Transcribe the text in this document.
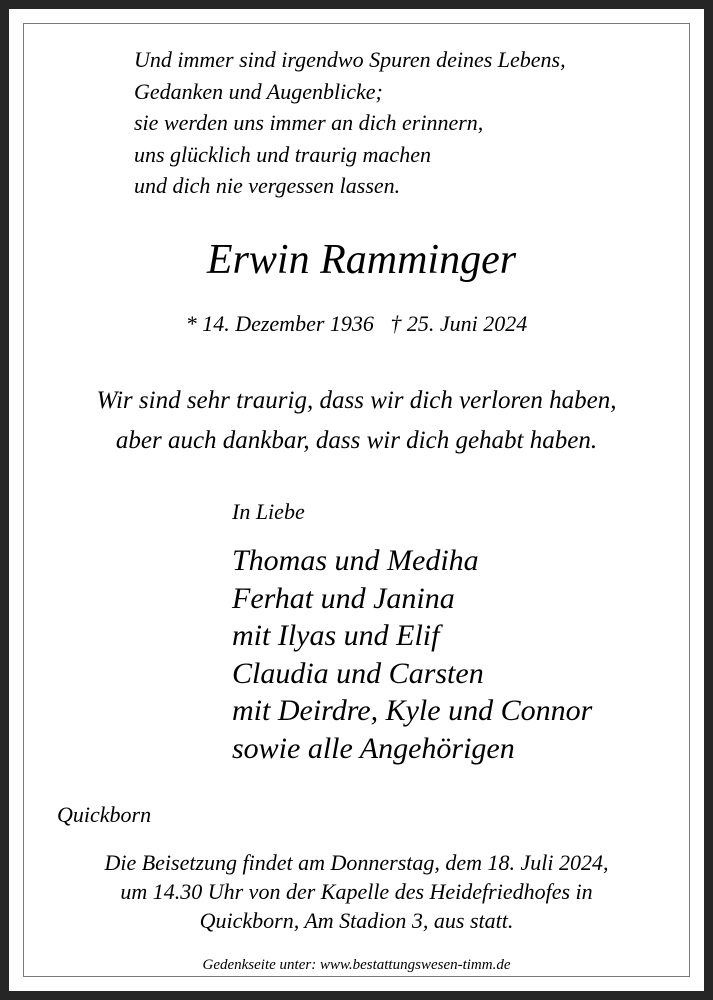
Und immer sind irgendwo Spuren deines Lebens,
Gedanken und Augenblicke;
sie werden uns immer an dich erinnern,
uns glücklich und traurig machen
und dich nie vergessen lassen.
Erwin Ramminger
* 14. Dezember 1936 † 25. Juni 2024
Wir sind sehr traurig, dass wir dich verloren haben,
aber auch dankbar, dass wir dich gehabt haben.
In Liebe
Thomas und Mediha
Ferhat und Janina
mit Ilyas und Elif
Claudia und Carsten
mit Deirdre, Kyle und Connor
sowie alle Angehörigen
Quickborn
Die Beisetzung findet am Donnerstag, dem 18. Juli 2024,
um 14.30 Uhr von der Kapelle des Heidefriedhofes in
Quickborn, Am Stadion 3, aus statt.
Gedenkseite unter: www.bestattungswesen-timm.de
